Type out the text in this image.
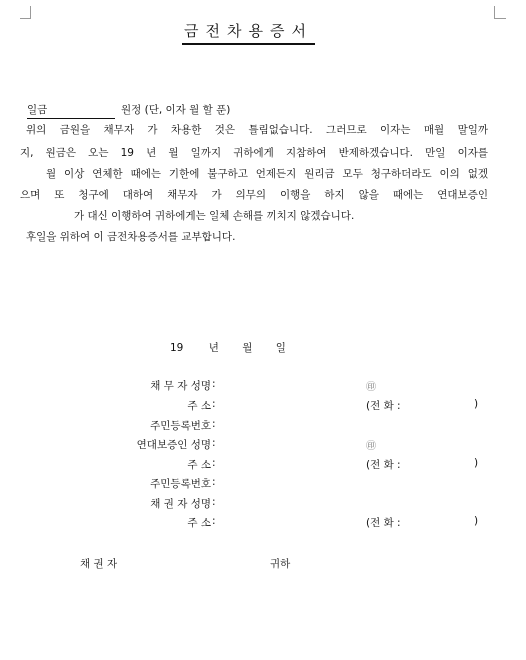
금전차용증서
일금	원정 (단, 이자 월 할 푼)
위의 금원을 채무자 가 차용한 것은 틀림없습니다. 그러므로 이자는 매월 말일까
지, 원금은 오는 19 년 월 일까지 귀하에게 지참하여 반제하겠습니다. 만일 이자를
월 이상 연체한 때에는 기한에 불구하고 언제든지 원리금 모두 청구하더라도 이의 없겠
으며 또 청구에 대하여 채무자 가 의무의 이행을 하지 않을 때에는 연대보증인
가 대신 이행하여 귀하에게는 일체 손해를 끼치지 않겠습니다.
후일을 위하여 이 금전차용증서를 교부합니다.
19 년 월 일
채 무 자 성명 :	㊞
주 소 :	(전 화 :	)
주민등록번호 :
연대보증인 성명 :	㊞
주 소 :	(전 화 :	)
주민등록번호 :
채 권 자 성명 :
주 소 :	(전 화 :	)
채 권 자	귀하
